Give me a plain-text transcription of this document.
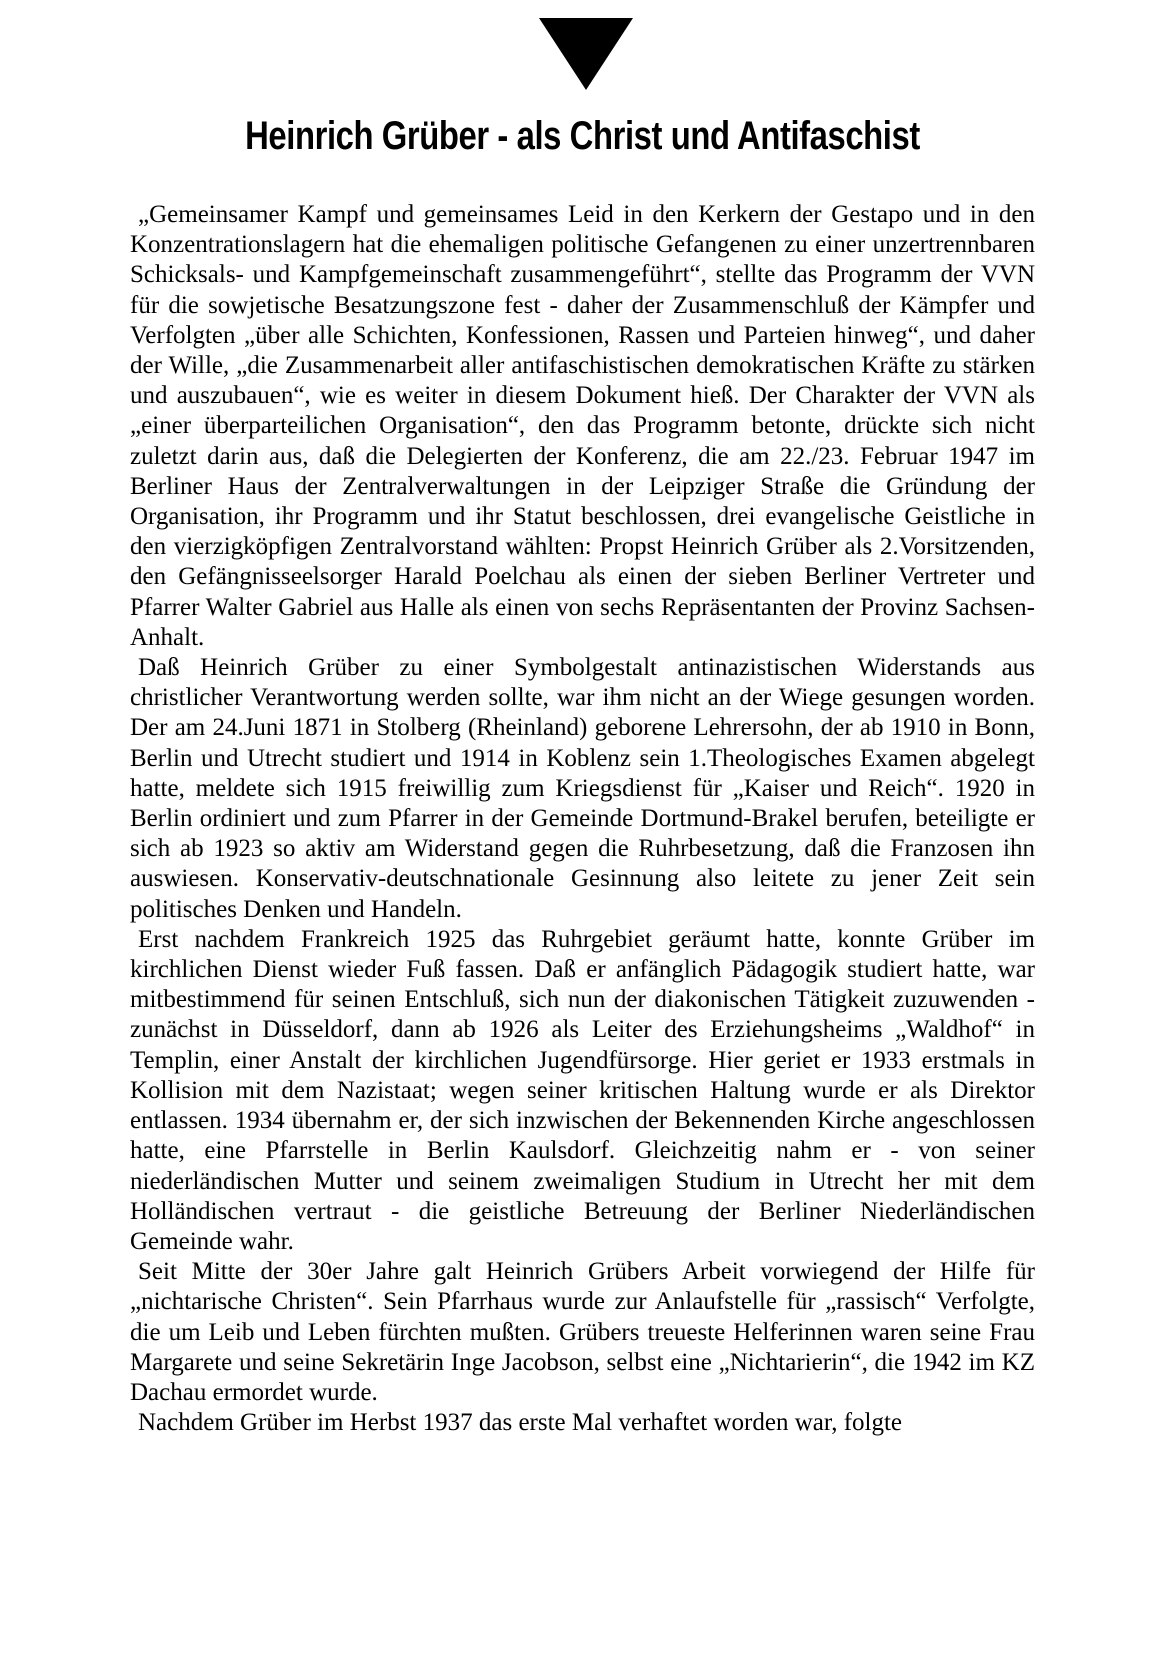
Heinrich Grüber - als Christ und Antifaschist

„Gemeinsamer Kampf und gemeinsames Leid in den Kerkern der Gestapo und in den Konzentrationslagern hat die ehemaligen politische Gefangenen zu einer unzertrennbaren Schicksals- und Kampfgemeinschaft zusammengeführt“, stellte das Programm der VVN für die sowjetische Besatzungszone fest - daher der Zusammenschluß der Kämpfer und Verfolgten „über alle Schichten, Konfessionen, Rassen und Parteien hinweg“, und daher der Wille, „die Zusammenarbeit aller antifaschistischen demokratischen Kräfte zu stärken und auszubauen“, wie es weiter in diesem Dokument hieß. Der Charakter der VVN als „einer überparteilichen Organisation“, den das Programm betonte, drückte sich nicht zuletzt darin aus, daß die Delegierten der Konferenz, die am 22./23. Februar 1947 im Berliner Haus der Zentralverwaltungen in der Leipziger Straße die Gründung der Organisation, ihr Programm und ihr Statut beschlossen, drei evangelische Geistliche in den vierzigköpfigen Zentralvorstand wählten: Propst Heinrich Grüber als 2.Vorsitzenden, den Gefängnisseelsorger Harald Poelchau als einen der sieben Berliner Vertreter und Pfarrer Walter Gabriel aus Halle als einen von sechs Repräsentanten der Provinz Sachsen-Anhalt.

Daß Heinrich Grüber zu einer Symbolgestalt antinazistischen Widerstands aus christlicher Verantwortung werden sollte, war ihm nicht an der Wiege gesungen worden. Der am 24.Juni 1871 in Stolberg (Rheinland) geborene Lehrersohn, der ab 1910 in Bonn, Berlin und Utrecht studiert und 1914 in Koblenz sein 1.Theologisches Examen abgelegt hatte, meldete sich 1915 freiwillig zum Kriegsdienst für „Kaiser und Reich“. 1920 in Berlin ordiniert und zum Pfarrer in der Gemeinde Dortmund-Brakel berufen, beteiligte er sich ab 1923 so aktiv am Widerstand gegen die Ruhrbesetzung, daß die Franzosen ihn auswiesen. Konservativ-deutschnationale Gesinnung also leitete zu jener Zeit sein politisches Denken und Handeln.

Erst nachdem Frankreich 1925 das Ruhrgebiet geräumt hatte, konnte Grüber im kirchlichen Dienst wieder Fuß fassen. Daß er anfänglich Pädagogik studiert hatte, war mitbestimmend für seinen Entschluß, sich nun der diakonischen Tätigkeit zuzuwenden - zunächst in Düsseldorf, dann ab 1926 als Leiter des Erziehungsheims „Waldhof“ in Templin, einer Anstalt der kirchlichen Jugendfürsorge. Hier geriet er 1933 erstmals in Kollision mit dem Nazistaat; wegen seiner kritischen Haltung wurde er als Direktor entlassen. 1934 übernahm er, der sich inzwischen der Bekennenden Kirche angeschlossen hatte, eine Pfarrstelle in Berlin Kaulsdorf. Gleichzeitig nahm er - von seiner niederländischen Mutter und seinem zweimaligen Studium in Utrecht her mit dem Holländischen vertraut - die geistliche Betreuung der Berliner Niederländischen Gemeinde wahr.

Seit Mitte der 30er Jahre galt Heinrich Grübers Arbeit vorwiegend der Hilfe für „nichtarische Christen“. Sein Pfarrhaus wurde zur Anlaufstelle für „rassisch“ Verfolgte, die um Leib und Leben fürchten mußten. Grübers treueste Helferinnen waren seine Frau Margarete und seine Sekretärin Inge Jacobson, selbst eine „Nichtarierin“, die 1942 im KZ Dachau ermordet wurde.

Nachdem Grüber im Herbst 1937 das erste Mal verhaftet worden war, folgte
